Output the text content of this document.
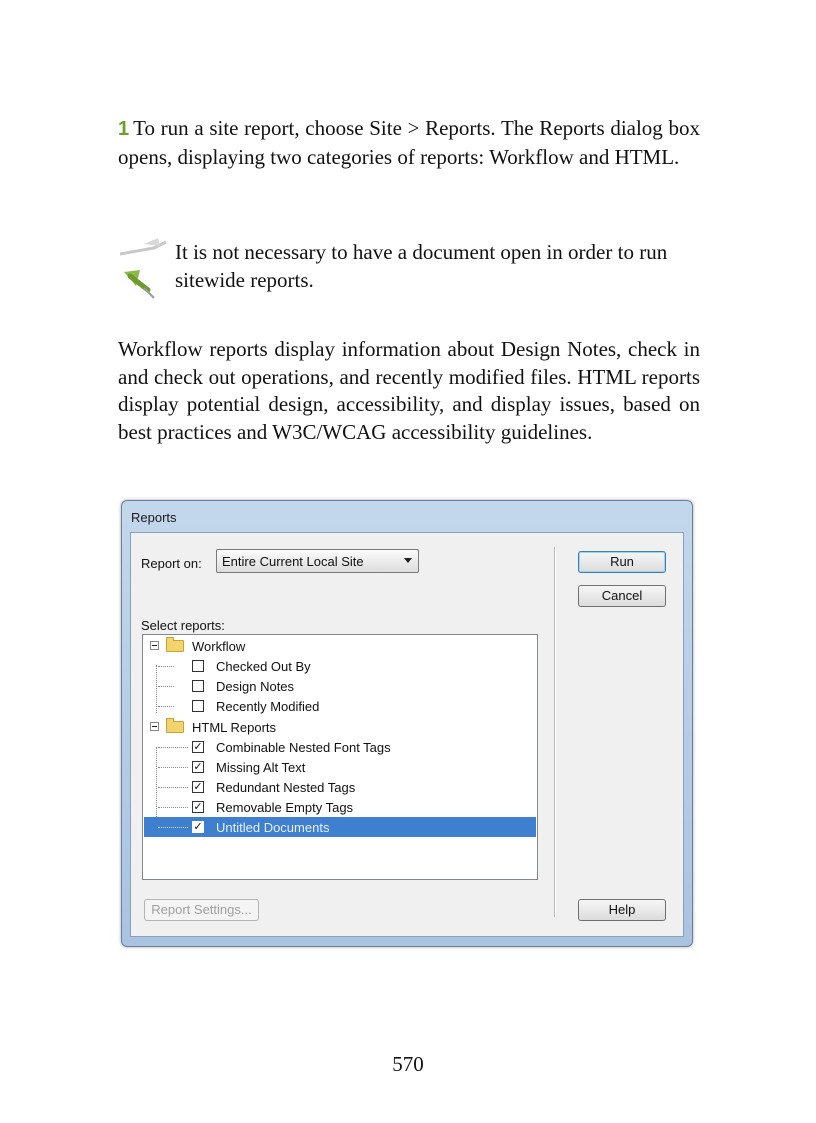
1 To run a site report, choose Site > Reports. The Reports dialog box opens, displaying two categories of reports: Workflow and HTML.

It is not necessary to have a document open in order to run sitewide reports.

Workflow reports display information about Design Notes, check in and check out operations, and recently modified files. HTML reports display potential design, accessibility, and display issues, based on best practices and W3C/WCAG accessibility guidelines.

Reports
Report on:	Entire Current Local Site
Select reports:
Workflow
Checked Out By
Design Notes
Recently Modified
HTML Reports
✓ Combinable Nested Font Tags
✓ Missing Alt Text
✓ Redundant Nested Tags
✓ Removable Empty Tags
✓ Untitled Documents
Run
Cancel
Report Settings...	Help
570
